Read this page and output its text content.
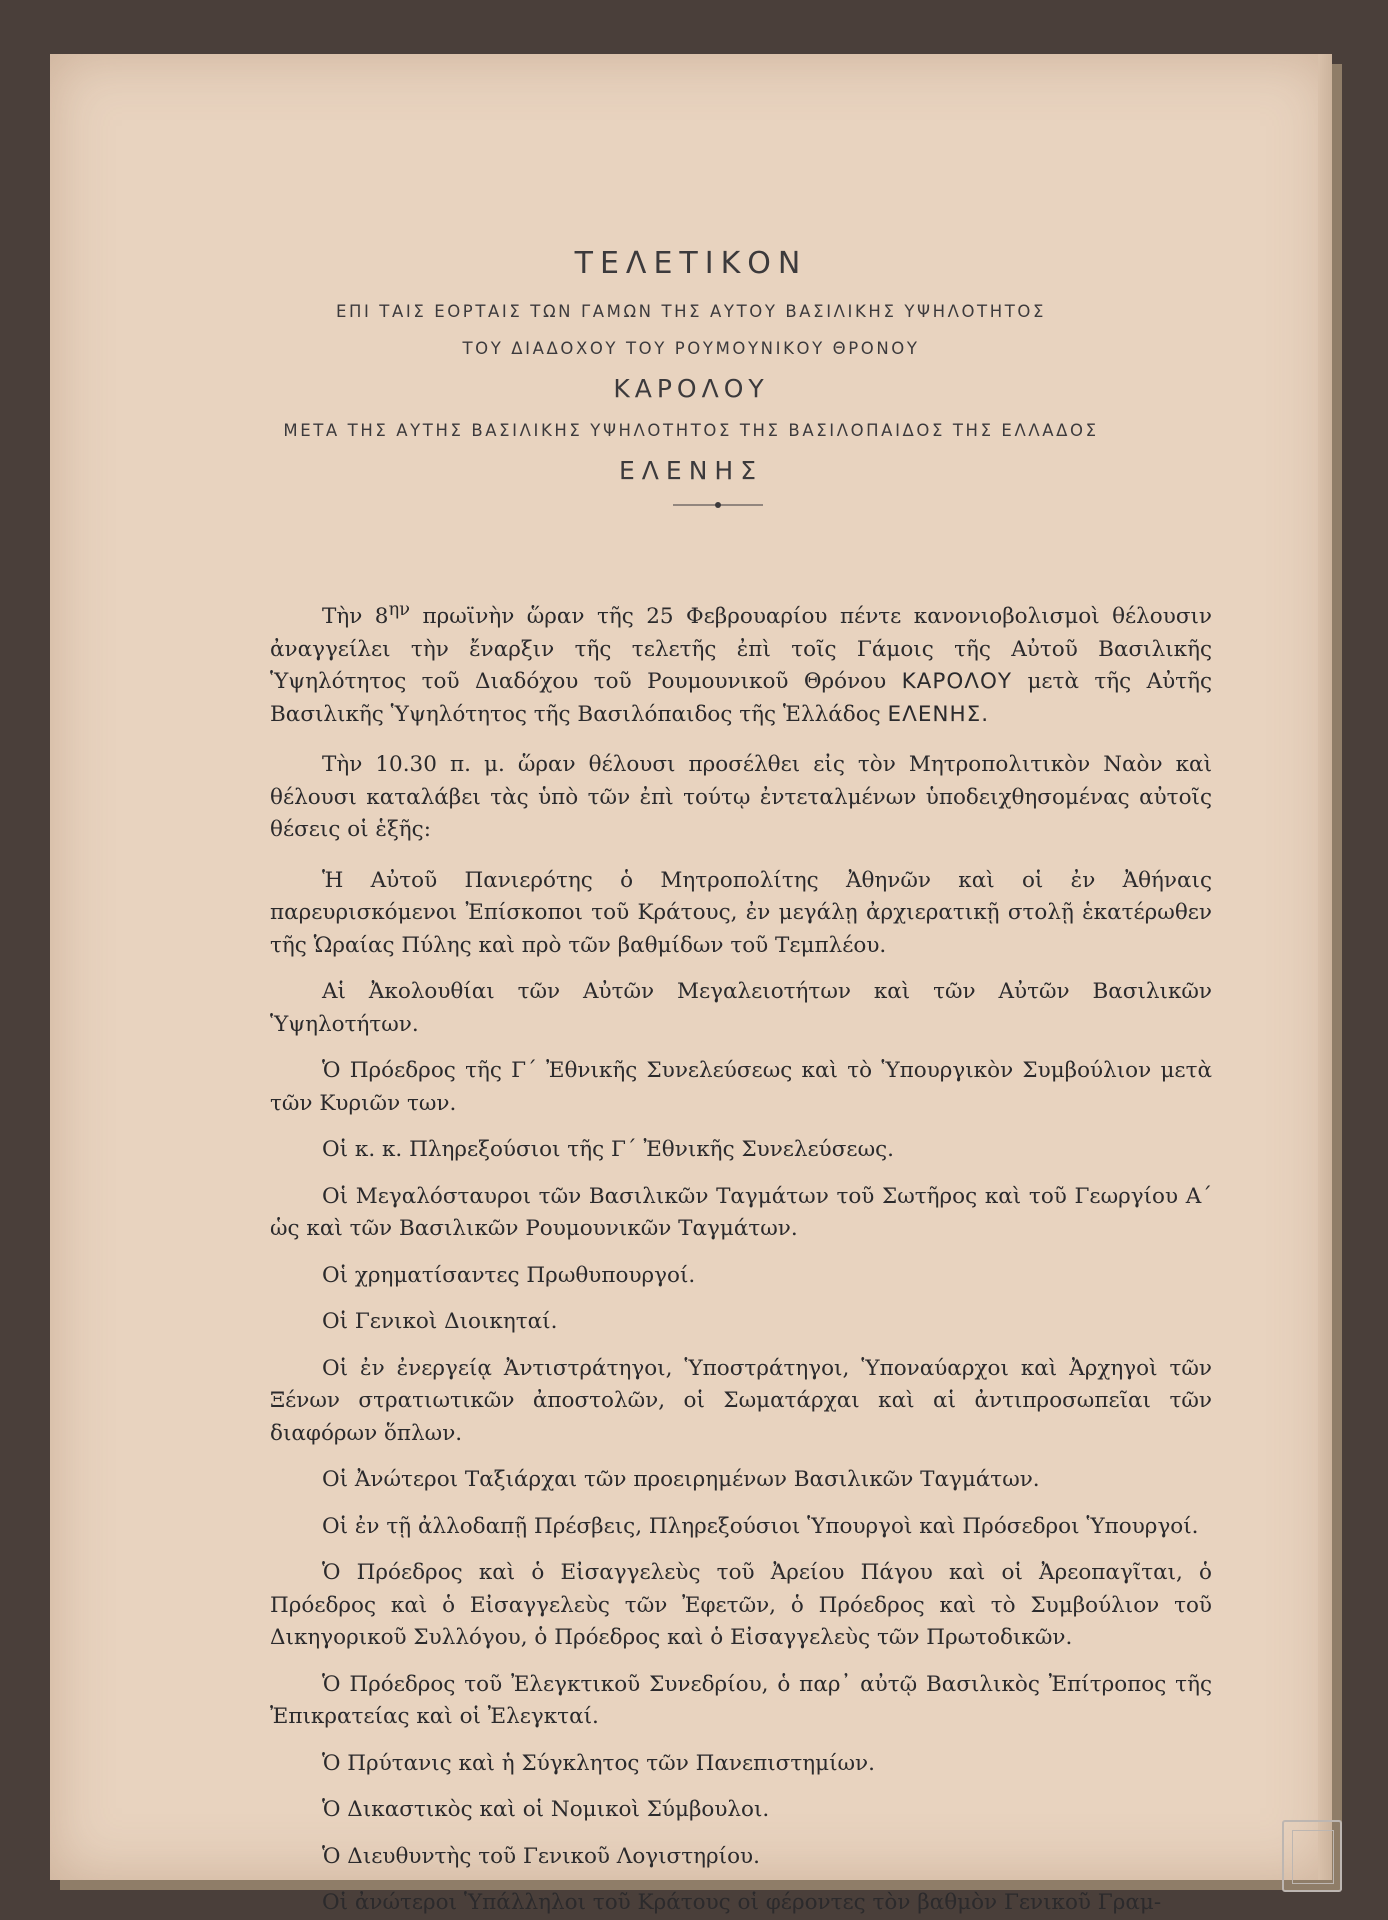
ΤΕΛΕΤΙΚΟΝ
ΕΠΙ ΤΑΙΣ ΕΟΡΤΑΙΣ ΤΩΝ ΓΑΜΩΝ ΤΗΣ ΑΥΤΟΥ ΒΑΣΙΛΙΚΗΣ ΥΨΗΛΟΤΗΤΟΣ
ΤΟΥ ΔΙΑΔΟΧΟΥ ΤΟΥ ΡΟΥΜΟΥΝΙΚΟΥ ΘΡΟΝΟΥ
ΚΑΡΟΛΟΥ
ΜΕΤΑ ΤΗΣ ΑΥΤΗΣ ΒΑΣΙΛΙΚΗΣ ΥΨΗΛΟΤΗΤΟΣ ΤΗΣ ΒΑΣΙΛΟΠΑΙΔΟΣ ΤΗΣ ΕΛΛΑΔΟΣ
ΕΛΕΝΗΣ

Τὴν $8^{\eta\nu}$ πρωϊνὴν ὥραν τῆς 25 Φεβρουαρίου πέντε κανονιοβολισμοὶ θέλουσιν ἀναγγείλει τὴν ἔναρξιν τῆς τελετῆς ἐπὶ τοῖς Γάμοις τῆς Αὐτοῦ Βασιλικῆς Ὑψηλότητος τοῦ Διαδόχου τοῦ Ρουμουνικοῦ Θρόνου ΚΑΡΟΛΟΥ μετὰ τῆς Αὐτῆς Βασιλικῆς Ὑψηλότητος τῆς Βασιλόπαιδος τῆς Ἑλλάδος ΕΛΕΝΗΣ.

Τὴν 10.30 π. μ. ὥραν θέλουσι προσέλθει εἰς τὸν Μητροπολιτικὸν Ναὸν καὶ θέλουσι καταλάβει τὰς ὑπὸ τῶν ἐπὶ τούτῳ ἐντεταλμένων ὑποδειχθησομένας αὐτοῖς θέσεις οἱ ἑξῆς:

Ἡ Αὐτοῦ Πανιερότης ὁ Μητροπολίτης Ἀθηνῶν καὶ οἱ ἐν Ἀθήναις παρευρισκόμενοι Ἐπίσκοποι τοῦ Κράτους, ἐν μεγάλῃ ἀρχιερατικῇ στολῇ ἑκατέρωθεν τῆς Ὡραίας Πύλης καὶ πρὸ τῶν βαθμίδων τοῦ Τεμπλέου.

Αἱ Ἀκολουθίαι τῶν Αὐτῶν Μεγαλειοτήτων καὶ τῶν Αὐτῶν Βασιλικῶν Ὑψηλοτήτων.

Ὁ Πρόεδρος τῆς Γ´ Ἐθνικῆς Συνελεύσεως καὶ τὸ Ὑπουργικὸν Συμβούλιον μετὰ τῶν Κυριῶν των.

Οἱ κ. κ. Πληρεξούσιοι τῆς Γ´ Ἐθνικῆς Συνελεύσεως.

Οἱ Μεγαλόσταυροι τῶν Βασιλικῶν Ταγμάτων τοῦ Σωτῆρος καὶ τοῦ Γεωργίου Α´ ὡς καὶ τῶν Βασιλικῶν Ρουμουνικῶν Ταγμάτων.

Οἱ χρηματίσαντες Πρωθυπουργοί.

Οἱ Γενικοὶ Διοικηταί.

Οἱ ἐν ἐνεργείᾳ Ἀντιστράτηγοι, Ὑποστράτηγοι, Ὑποναύαρχοι καὶ Ἀρχηγοὶ τῶν Ξένων στρατιωτικῶν ἀποστολῶν, οἱ Σωματάρχαι καὶ αἱ ἀντιπροσωπεῖαι τῶν διαφόρων ὅπλων.

Οἱ Ἀνώτεροι Ταξιάρχαι τῶν προειρημένων Βασιλικῶν Ταγμάτων.

Οἱ ἐν τῇ ἀλλοδαπῇ Πρέσβεις, Πληρεξούσιοι Ὑπουργοὶ καὶ Πρόσεδροι Ὑπουργοί.

Ὁ Πρόεδρος καὶ ὁ Εἰσαγγελεὺς τοῦ Ἀρείου Πάγου καὶ οἱ Ἀρεοπαγῖται, ὁ Πρόεδρος καὶ ὁ Εἰσαγγελεὺς τῶν Ἐφετῶν, ὁ Πρόεδρος καὶ τὸ Συμβούλιον τοῦ Δικηγορικοῦ Συλλόγου, ὁ Πρόεδρος καὶ ὁ Εἰσαγγελεὺς τῶν Πρωτοδικῶν.

Ὁ Πρόεδρος τοῦ Ἐλεγκτικοῦ Συνεδρίου, ὁ παρ᾽ αὐτῷ Βασιλικὸς Ἐπίτροπος τῆς Ἐπικρατείας καὶ οἱ Ἐλεγκταί.

Ὁ Πρύτανις καὶ ἡ Σύγκλητος τῶν Πανεπιστημίων.

Ὁ Δικαστικὸς καὶ οἱ Νομικοὶ Σύμβουλοι.

Ὁ Διευθυντὴς τοῦ Γενικοῦ Λογιστηρίου.

Οἱ ἀνώτεροι Ὑπάλληλοι τοῦ Κράτους οἱ φέροντες τὸν βαθμὸν Γενικοῦ Γραμ-
